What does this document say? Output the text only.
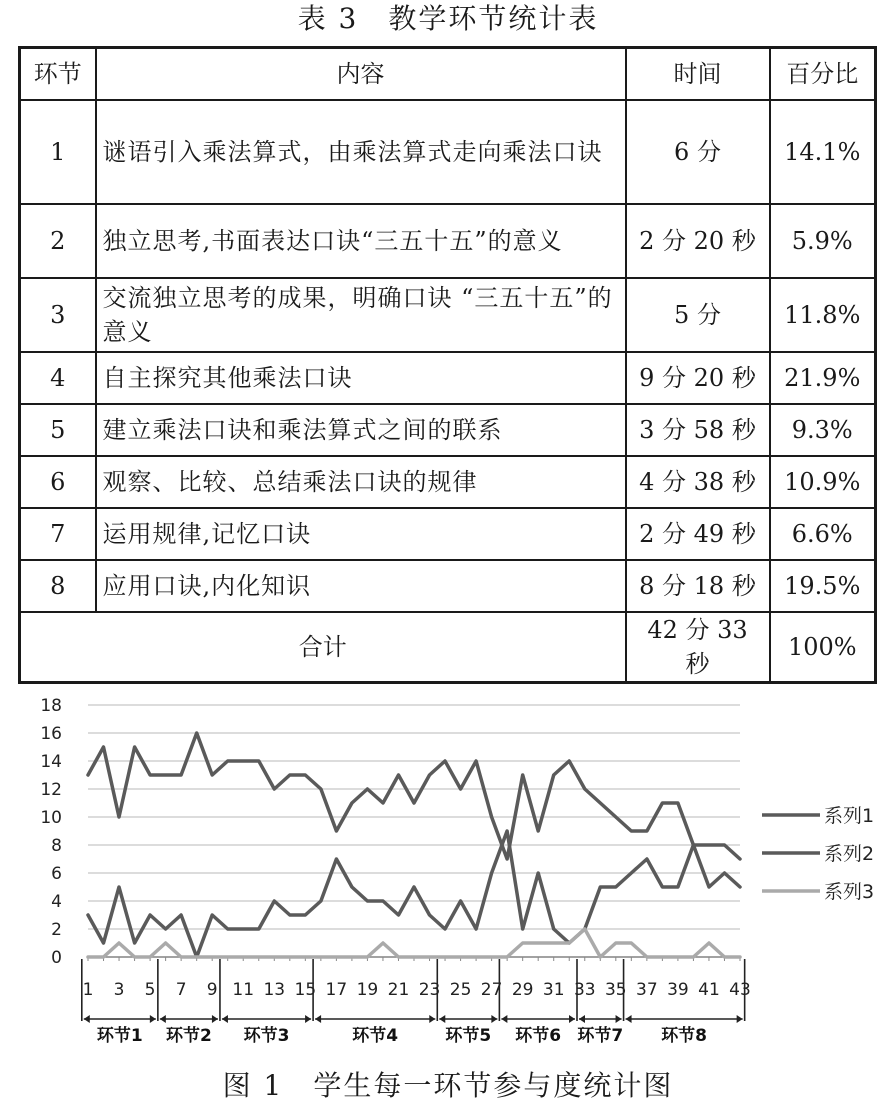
表 3　教学环节统计表
环节	内容	时间	百分比
1	谜语引入乘法算式，由乘法算式走向乘法口诀	6 分	14.1%
2	独立思考,书面表达口诀“三五十五”的意义	2 分 20 秒	5.9%
3	交流独立思考的成果，明确口诀 “三五十五”的意义	5 分	11.8%
4	自主探究其他乘法口诀	9 分 20 秒	21.9%
5	建立乘法口诀和乘法算式之间的联系	3 分 58 秒	9.3%
6	观察、比较、总结乘法口诀的规律	4 分 38 秒	10.9%
7	运用规律,记忆口诀	2 分 49 秒	6.6%
8	应用口诀,内化知识	8 分 18 秒	19.5%
合计		42 分 33 秒	100%
0
2
4
6
8
10
12
14
16
18
1 3 5 7 9 11 13 15 17 19 21 23 25 27 29 31 33 35 37 39 41 43
环节1 环节2 环节3	环节4	环节5 环节6 环节7 环节8
系列1
系列2
系列3
图 1　学生每一环节参与度统计图
